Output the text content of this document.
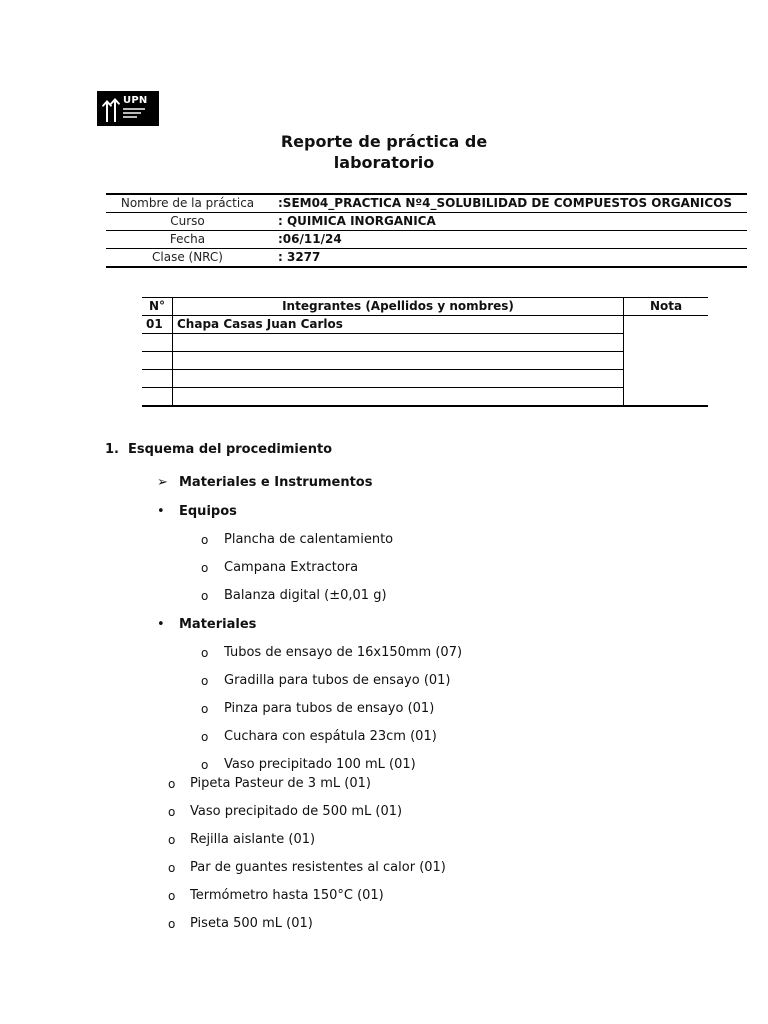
UPN
Reporte de práctica de
laboratorio
Nombre de la práctica	:SEM04_PRACTICA Nº4_SOLUBILIDAD DE COMPUESTOS ORGANICOS
Curso	: QUIMICA INORGANICA
Fecha	:06/11/24
Clase (NRC)	: 3277
N°	Integrantes (Apellidos y nombres)	Nota
01	Chapa Casas Juan Carlos	

1. Esquema del procedimiento
➢ Materiales e Instrumentos
• Equipos
o Plancha de calentamiento
o Campana Extractora
o Balanza digital (±0,01 g)
• Materiales
o Tubos de ensayo de 16x150mm (07)
o Gradilla para tubos de ensayo (01)
o Pinza para tubos de ensayo (01)
o Cuchara con espátula 23cm (01)
o Vaso precipitado 100 mL (01)
o Pipeta Pasteur de 3 mL (01)
o Vaso precipitado de 500 mL (01)
o Rejilla aislante (01)
o Par de guantes resistentes al calor (01)
o Termómetro hasta 150°C (01)
o Piseta 500 mL (01)
